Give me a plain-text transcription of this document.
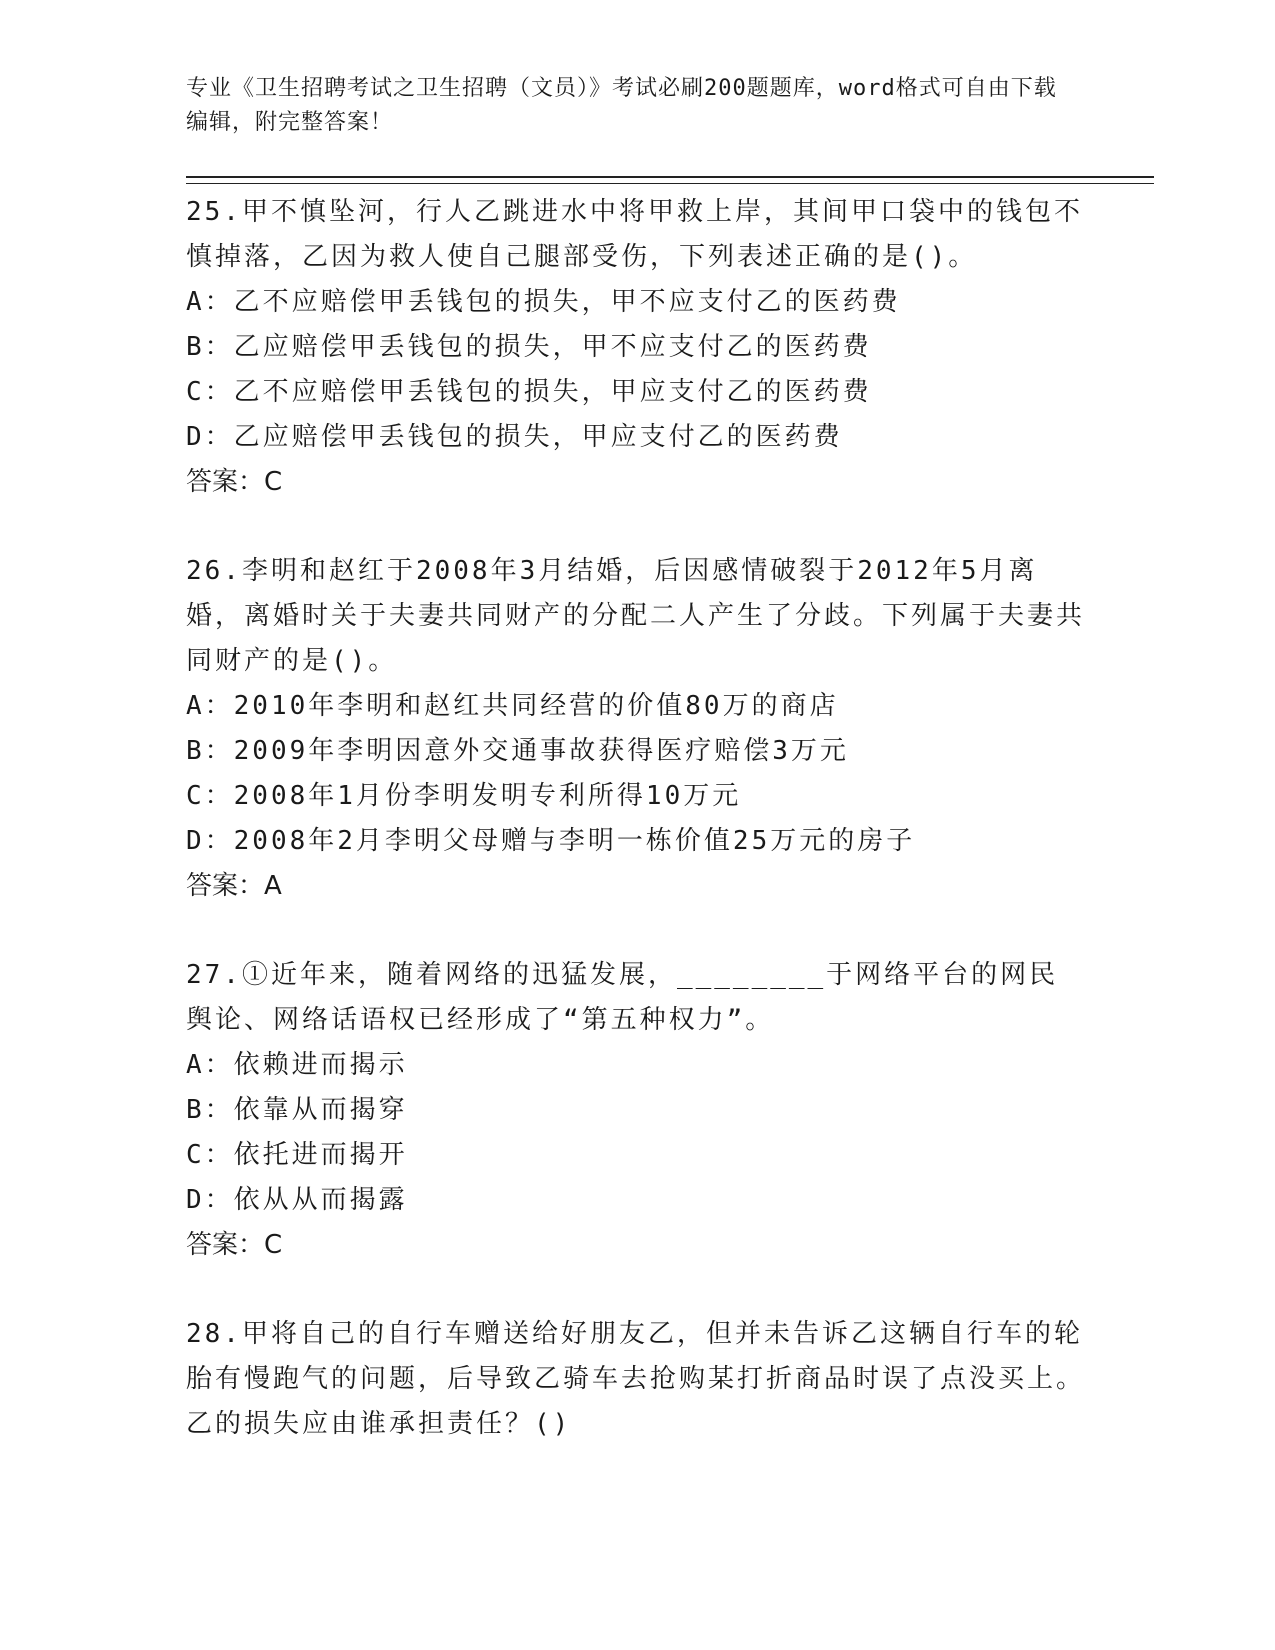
专业《卫生招聘考试之卫生招聘（文员）》考试必刷200题题库，word格式可自由下载编辑，附完整答案！

25.甲不慎坠河，行人乙跳进水中将甲救上岸，其间甲口袋中的钱包不慎掉落，乙因为救人使自己腿部受伤，下列表述正确的是()。

A：乙不应赔偿甲丢钱包的损失，甲不应支付乙的医药费

B：乙应赔偿甲丢钱包的损失，甲不应支付乙的医药费

C：乙不应赔偿甲丢钱包的损失，甲应支付乙的医药费

D：乙应赔偿甲丢钱包的损失，甲应支付乙的医药费

答案：C

26.李明和赵红于2008年3月结婚，后因感情破裂于2012年5月离婚，离婚时关于夫妻共同财产的分配二人产生了分歧。下列属于夫妻共同财产的是()。

A：2010年李明和赵红共同经营的价值80万的商店

B：2009年李明因意外交通事故获得医疗赔偿3万元

C：2008年1月份李明发明专利所得10万元

D：2008年2月李明父母赠与李明一栋价值25万元的房子

答案：A

27.①近年来，随着网络的迅猛发展，________于网络平台的网民舆论、网络话语权已经形成了“第五种权力”。

A：依赖进而揭示

B：依靠从而揭穿

C：依托进而揭开

D：依从从而揭露

答案：C

28.甲将自己的自行车赠送给好朋友乙，但并未告诉乙这辆自行车的轮胎有慢跑气的问题，后导致乙骑车去抢购某打折商品时误了点没买上。乙的损失应由谁承担责任？()
